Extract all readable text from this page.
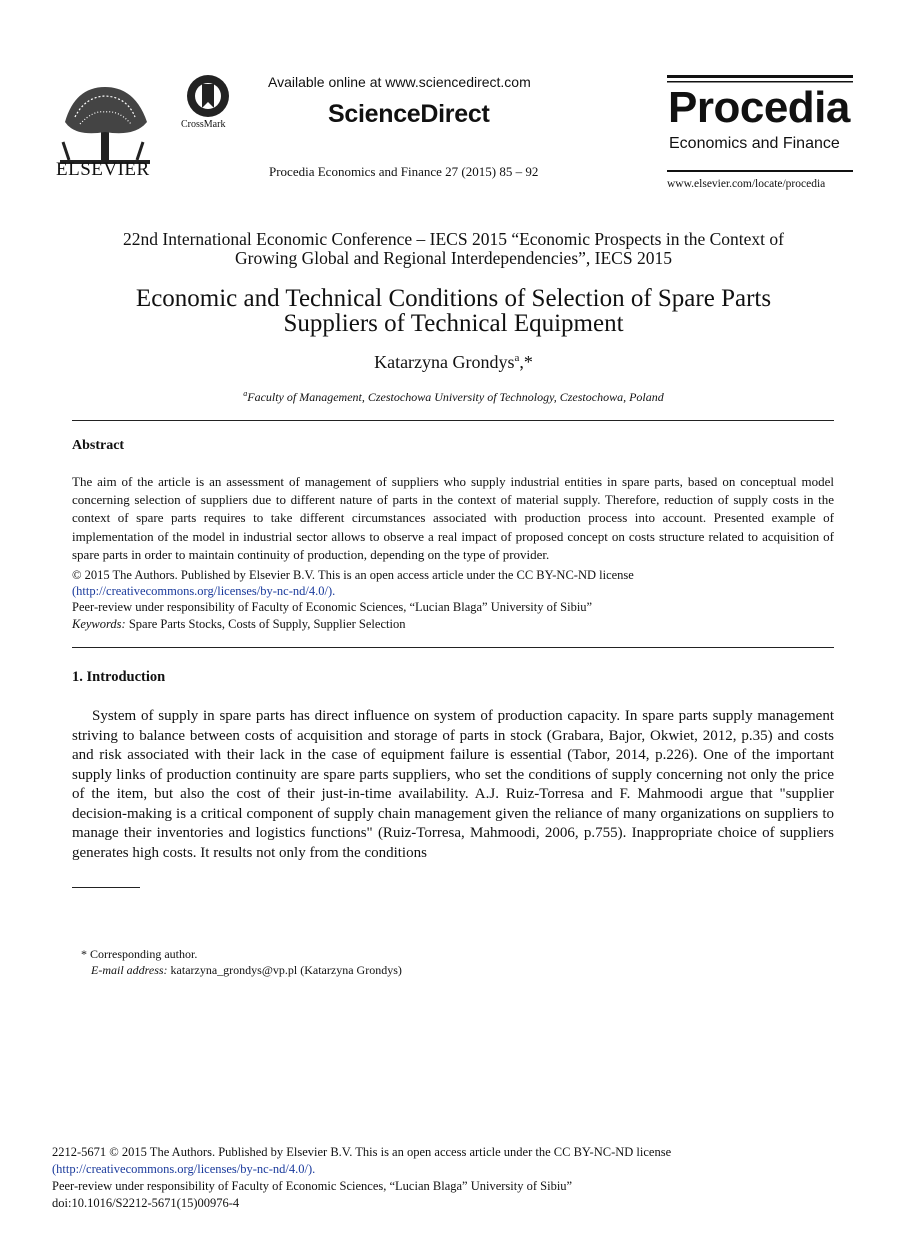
ELSEVIER
CrossMark
Available online at www.sciencedirect.com
ScienceDirect
Procedia Economics and Finance 27 (2015) 85 – 92
Procedia
Economics and Finance
www.elsevier.com/locate/procedia
22nd International Economic Conference – IECS 2015 “Economic Prospects in the Context of
Growing Global and Regional Interdependencies”, IECS 2015
Economic and Technical Conditions of Selection of Spare Parts
Suppliers of Technical Equipment
Katarzyna Grondys$^a$,*
$^a$Faculty of Management, Czestochowa University of Technology, Czestochowa, Poland
Abstract
The aim of the article is an assessment of management of suppliers who supply industrial entities in spare parts, based on conceptual model concerning selection of suppliers due to different nature of parts in the context of material supply. Therefore, reduction of supply costs in the context of spare parts requires to take different circumstances associated with production process into account. Presented example of implementation of the model in industrial sector allows to observe a real impact of proposed concept on costs structure related to acquisition of spare parts in order to maintain continuity of production, depending on the type of provider.
© 2015 The Authors. Published by Elsevier B.V. This is an open access article under the CC BY-NC-ND license
(http://creativecommons.org/licenses/by-nc-nd/4.0/).
Peer-review under responsibility of Faculty of Economic Sciences, “Lucian Blaga” University of Sibiu”
Keywords: Spare Parts Stocks, Costs of Supply, Supplier Selection
1. Introduction
System of supply in spare parts has direct influence on system of production capacity. In spare parts supply management striving to balance between costs of acquisition and storage of parts in stock (Grabara, Bajor, Okwiet, 2012, p.35) and costs and risk associated with their lack in the case of equipment failure is essential (Tabor, 2014, p.226). One of the important supply links of production continuity are spare parts suppliers, who set the conditions of supply concerning not only the price of the item, but also the cost of their just-in-time availability. A.J. Ruiz-Torresa and F. Mahmoodi argue that "supplier decision-making is a critical component of supply chain management given the reliance of many organizations on suppliers to manage their inventories and logistics functions" (Ruiz-Torresa, Mahmoodi, 2006, p.755). Inappropriate choice of suppliers generates high costs. It results not only from the conditions
* Corresponding author.
E-mail address: katarzyna_grondys@vp.pl (Katarzyna Grondys)
2212-5671 © 2015 The Authors. Published by Elsevier B.V. This is an open access article under the CC BY-NC-ND license
(http://creativecommons.org/licenses/by-nc-nd/4.0/).
Peer-review under responsibility of Faculty of Economic Sciences, “Lucian Blaga” University of Sibiu”
doi:10.1016/S2212-5671(15)00976-4
